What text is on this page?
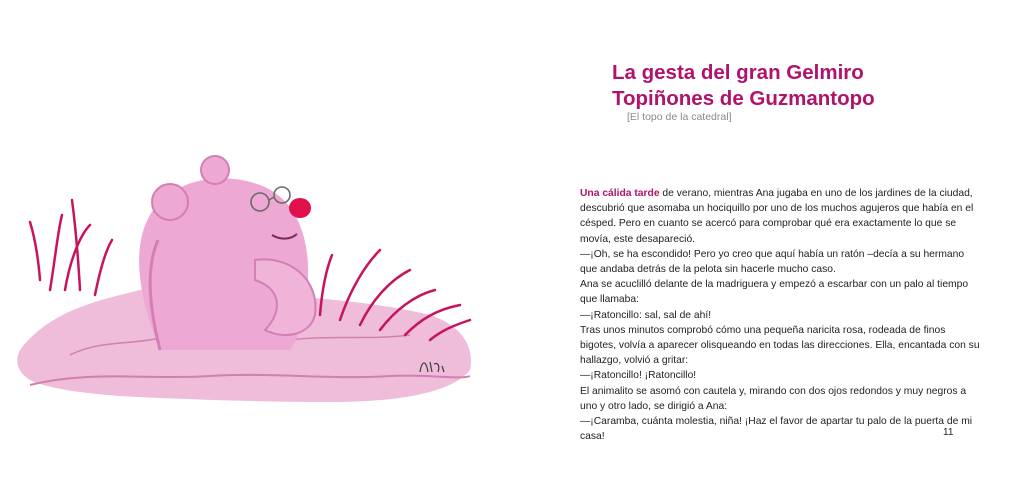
La gesta del gran Gelmiro
Topiñones de Guzmantopo
[El topo de la catedral]

Una cálida tarde de verano, mientras Ana jugaba en uno de los jardines de la ciudad, descubrió que asomaba un hociquillo por uno de los muchos agujeros que había en el césped. Pero en cuanto se acercó para comprobar qué era exactamente lo que se movía, este desapareció.

—¡Oh, se ha escondido! Pero yo creo que aquí había un ratón –decía a su hermano que andaba detrás de la pelota sin hacerle mucho caso.

Ana se acuclilló delante de la madriguera y empezó a escarbar con un palo al tiempo que llamaba:

—¡Ratoncillo: sal, sal de ahí!

Tras unos minutos comprobó cómo una pequeña naricita rosa, rodeada de finos bigotes, volvía a aparecer olisqueando en todas las direcciones. Ella, encantada con su hallazgo, volvió a gritar:

—¡Ratoncillo! ¡Ratoncillo!

El animalito se asomó con cautela y, mirando con dos ojos redondos y muy negros a uno y otro lado, se dirigió a Ana:

—¡Caramba, cuánta molestia, niña! ¡Haz el favor de apartar tu palo de la puerta de mi casa!	11
